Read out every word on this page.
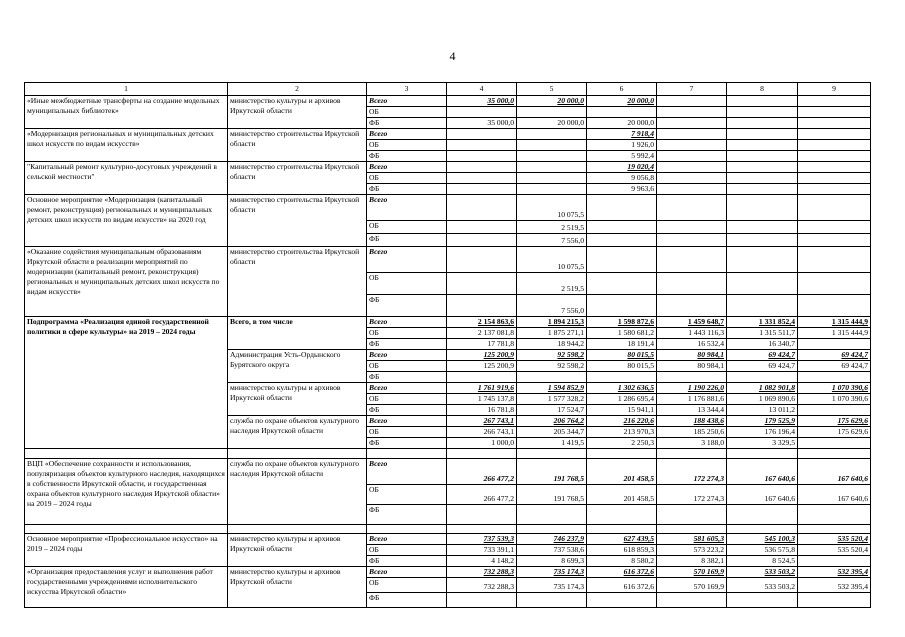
4
1	2	3	4	5	6	7	8	9
«Иные межбюджетные трансферты на создание модельных муниципальных библиотек»	министерство культуры и архивов Иркутской области	Всего	35 000,0	20 000,0	20 000,0			
		ОБ						
		ФБ	35 000,0	20 000,0	20 000,0			
«Модернизация региональных и муниципальных детских школ искусств по видам искусств»	министерство строительства Иркутской области	Всего			7 918,4			
		ОБ			1 926,0			
		ФБ			5 992,4			
"Капитальный ремонт культурно-досуговых учреждений в сельской местности"	министерство строительства Иркутской области	Всего			19 020,4			
		ОБ			9 056,8			
		ФБ			9 963,6			
Основное мероприятие «Модернизация (капитальный ремонт, реконструкция) региональных и муниципальных детских школ искусств по видам искусств» на 2020 год	министерство строительства Иркутской области	Всего		10 075,5				
		ОБ		2 519,5				
		ФБ		7 556,0				
«Оказание содействия муниципальным образованиям Иркутской области в реализации мероприятий по модернизации (капитальный ремонт, реконструкция) региональных и муниципальных детских школ искусств по видам искусств»	министерство строительства Иркутской области	Всего		10 075,5				
		ОБ		2 519,5				
		ФБ		7 556,0				
Подпрограмма «Реализация единой государственной политики в сфере культуры» на 2019 – 2024 годы	Всего, в том числе	Всего	2 154 863,6	1 894 215,3	1 598 872,6	1 459 648,7	1 331 852,4	1 315 444,9
		ОБ	2 137 081,8	1 875 271,1	1 580 681,2	1 443 116,3	1 315 511,7	1 315 444,9
		ФБ	17 781,8	18 944,2	18 191,4	16 532,4	16 340,7	
	Администрация Усть-Ордынского Бурятского округа	Всего	125 200,9	92 598,2	80 015,5	80 984,1	69 424,7	69 424,7
		ОБ	125 200,9	92 598,2	80 015,5	80 984,1	69 424,7	69 424,7
		ФБ						
	министерство культуры и архивов Иркутской области	Всего	1 761 919,6	1 594 852,9	1 302 636,5	1 190 226,0	1 082 901,8	1 070 390,6
		ОБ	1 745 137,8	1 577 328,2	1 286 695,4	1 176 881,6	1 069 890,6	1 070 390,6
		ФБ	16 781,8	17 524,7	15 941,1	13 344,4	13 011,2	
	служба по охране объектов культурного наследия Иркутской области	Всего	267 743,1	206 764,2	216 220,6	188 438,6	179 525,9	175 629,6
		ОБ	266 743,1	205 344,7	213 970,3	185 250,6	176 196,4	175 629,6
		ФБ	1 000,0	1 419,5	2 250,3	3 188,0	3 329,5	

ВЦП «Обеспечение сохранности и использования, популяризация объектов культурного наследия, находящихся в собственности Иркутской области, и государственная охрана объектов культурного наследия Иркутской области» на 2019 – 2024 годы	служба по охране объектов культурного наследия Иркутской области	Всего	266 477,2	191 768,5	201 458,5	172 274,3	167 640,6	167 640,6
		ОБ	266 477,2	191 768,5	201 458,5	172 274,3	167 640,6	167 640,6
		ФБ						

Основное мероприятие «Профессиональное искусство» на 2019 – 2024 годы	министерство культуры и архивов Иркутской области	Всего	737 539,3	746 237,9	627 439,5	581 605,3	545 100,3	535 520,4
		ОБ	733 391,1	737 538,6	618 859,3	573 223,2	536 575,8	535 520,4
		ФБ	4 148,2	8 699,3	8 580,2	8 382,1	8 524,5	
«Организация предоставления услуг и выполнения работ государственными учреждениями исполнительского искусства Иркутской области»	министерство культуры и архивов Иркутской области	Всего	732 288,3	735 174,3	616 372,6	570 169,9	533 503,2	532 395,4
		ОБ	732 288,3	735 174,3	616 372,6	570 169,9	533 503,2	532 395,4
		ФБ						
